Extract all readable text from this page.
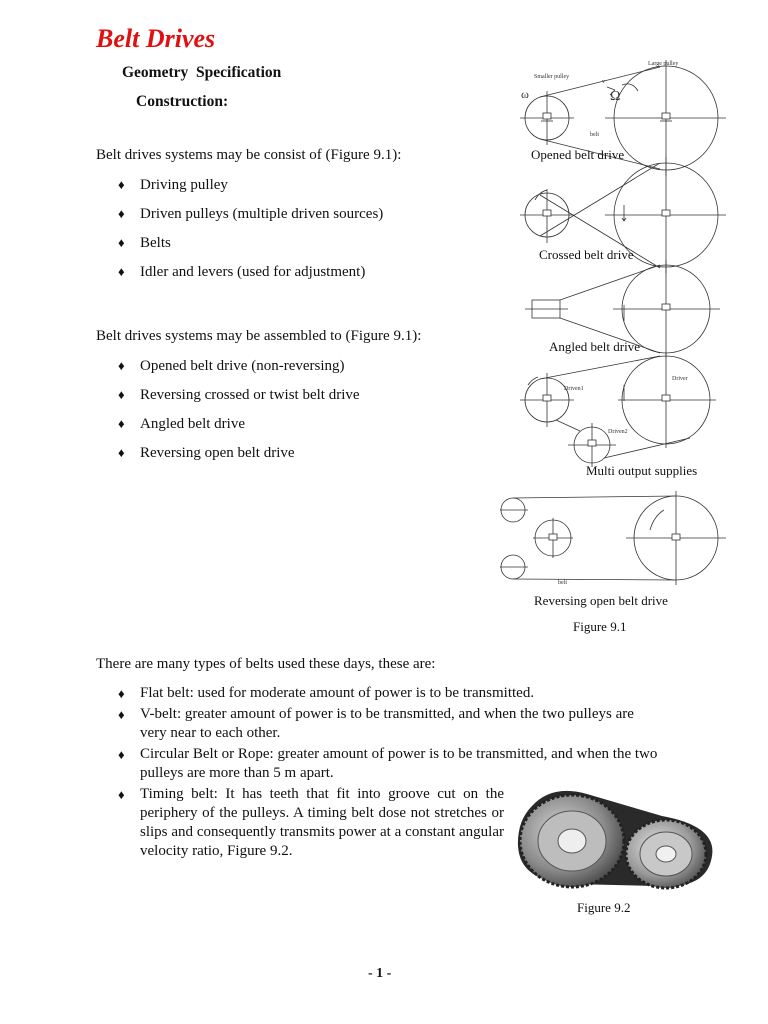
Belt Drives
Geometry  Specification
Construction:
Belt drives systems may be consist of (Figure 9.1):
♦ Driving pulley
♦ Driven pulleys (multiple driven sources)
♦ Belts
♦ Idler and levers (used for adjustment)
Belt drives systems may be assembled to (Figure 9.1):
♦ Opened belt drive (non-reversing)
♦ Reversing crossed or twist belt drive
♦ Angled belt drive
♦ Reversing open belt drive
Smaller pulley
Large pulley
belt
v
ω	Ω
Driver
Driven1
Driven2
belt
Opened belt drive
Crossed belt drive
Angled belt drive
Multi output supplies
Reversing open belt drive
Figure 9.1
There are many types of belts used these days, these are:
♦ Flat belt: used for moderate amount of power is to be transmitted.
♦ V-belt: greater amount of power is to be transmitted, and when the two pulleys are very near to each other.
♦ Circular Belt or Rope: greater amount of power is to be transmitted, and when the two pulleys are more than 5 m apart.
♦ Timing belt: It has teeth that fit into groove cut on the periphery of the pulleys. A timing belt dose not stretches or slips and consequently transmits power at a constant angular velocity ratio, Figure 9.2.
Figure 9.2
- 1 -
